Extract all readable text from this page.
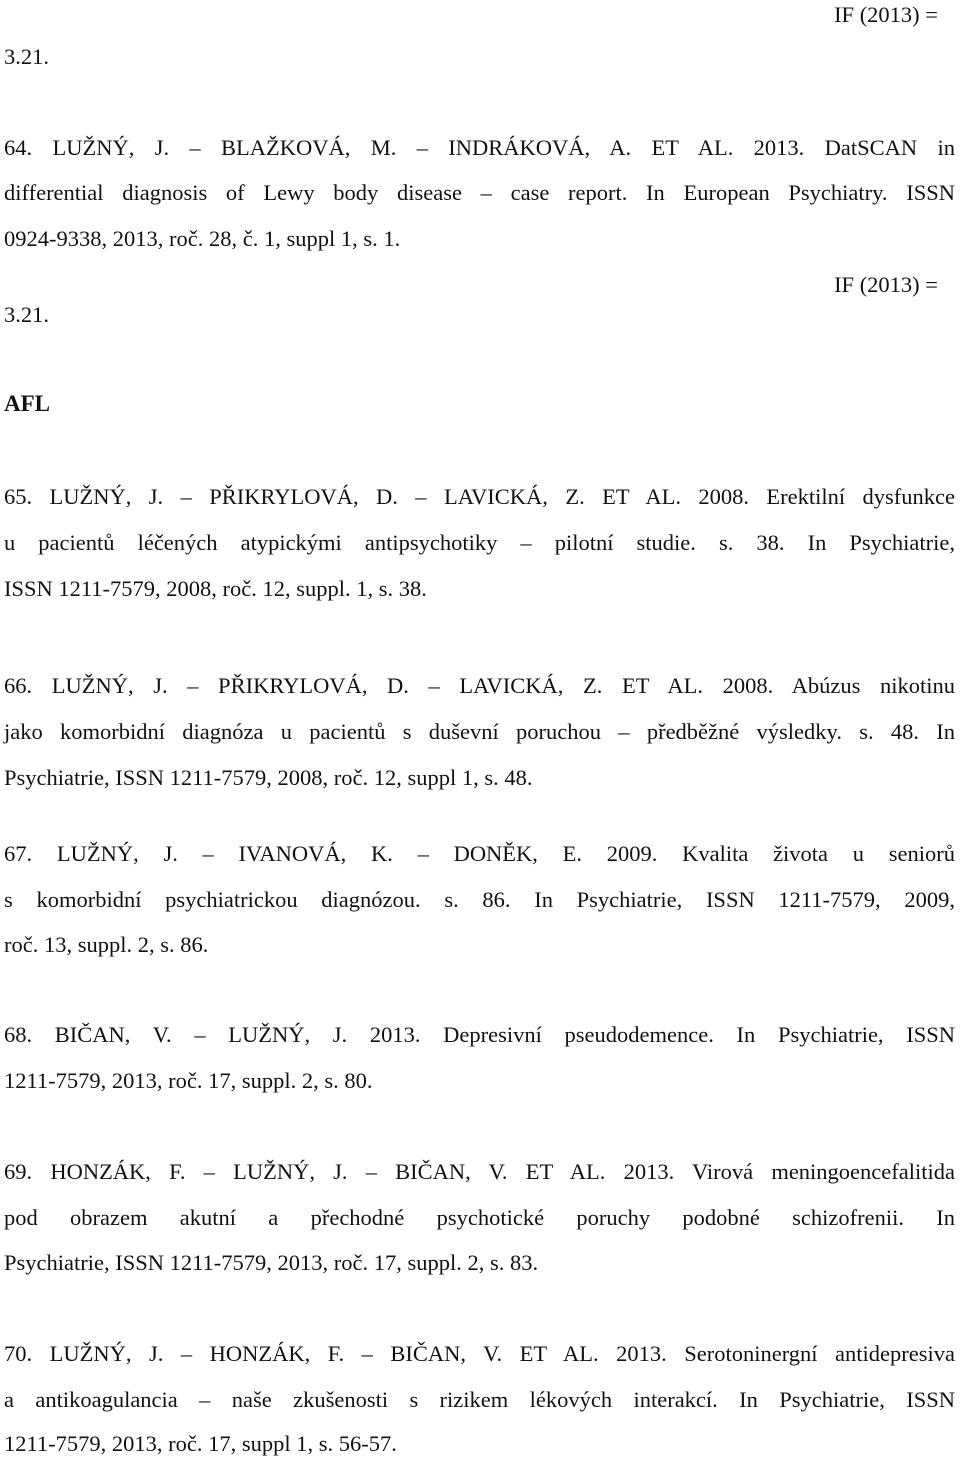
IF (2013) =
3.21.
64. LUŽNÝ, J. – BLAŽKOVÁ, M. – INDRÁKOVÁ, A. ET AL. 2013. DatSCAN in
differential diagnosis of Lewy body disease – case report. In European Psychiatry. ISSN
0924-9338, 2013, roč. 28, č. 1, suppl 1, s. 1.
IF (2013) =
3.21.
AFL
65. LUŽNÝ, J. – PŘIKRYLOVÁ, D. – LAVICKÁ, Z. ET AL. 2008. Erektilní dysfunkce
u pacientů léčených atypickými antipsychotiky – pilotní studie. s. 38. In Psychiatrie,
ISSN 1211-7579, 2008, roč. 12, suppl. 1, s. 38.
66. LUŽNÝ, J. – PŘIKRYLOVÁ, D. – LAVICKÁ, Z. ET AL. 2008. Abúzus nikotinu
jako komorbidní diagnóza u pacientů s duševní poruchou – předběžné výsledky. s. 48. In
Psychiatrie, ISSN 1211-7579, 2008, roč. 12, suppl 1, s. 48.
67. LUŽNÝ, J. – IVANOVÁ, K. – DONĚK, E. 2009. Kvalita života u seniorů
s komorbidní psychiatrickou diagnózou. s. 86. In Psychiatrie, ISSN 1211-7579, 2009,
roč. 13, suppl. 2, s. 86.
68. BIČAN, V. – LUŽNÝ, J. 2013. Depresivní pseudodemence. In Psychiatrie, ISSN
1211-7579, 2013, roč. 17, suppl. 2, s. 80.
69. HONZÁK, F. – LUŽNÝ, J. – BIČAN, V. ET AL. 2013. Virová meningoencefalitida
pod obrazem akutní a přechodné psychotické poruchy podobné schizofrenii. In
Psychiatrie, ISSN 1211-7579, 2013, roč. 17, suppl. 2, s. 83.
70. LUŽNÝ, J. – HONZÁK, F. – BIČAN, V. ET AL. 2013. Serotoninergní antidepresiva
a antikoagulancia – naše zkušenosti s rizikem lékových interakcí. In Psychiatrie, ISSN
1211-7579, 2013, roč. 17, suppl 1, s. 56-57.
